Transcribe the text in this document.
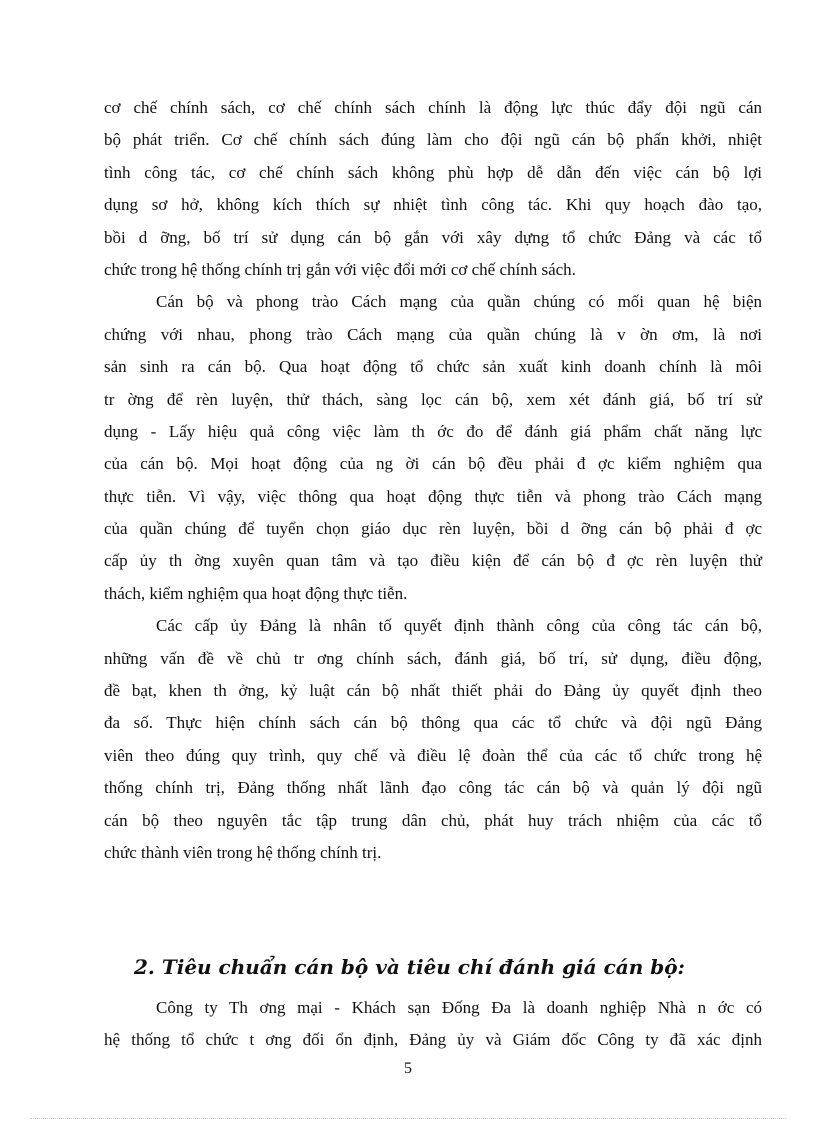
cơ chế chính sách, cơ chế chính sách chính là động lực thúc đẩy đội ngũ cán
bộ phát triển. Cơ chế chính sách đúng làm cho đội ngũ cán bộ phấn khởi, nhiệt
tình công tác, cơ chế chính sách không phù hợp dễ dẫn đến việc cán bộ lợi
dụng sơ hở, không kích thích sự nhiệt tình công tác. Khi quy hoạch đào tạo,
bồi d ỡng, bố trí sử dụng cán bộ gắn với xây dựng tổ chức Đảng và các tổ
chức trong hệ thống chính trị gắn với việc đổi mới cơ chế chính sách.
Cán bộ và phong trào Cách mạng của quần chúng có mối quan hệ biện
chứng với nhau, phong trào Cách mạng của quần chúng là v ờn ơm, là nơi
sản sinh ra cán bộ. Qua hoạt động tổ chức sản xuất kinh doanh chính là môi
tr ờng để rèn luyện, thử thách, sàng lọc cán bộ, xem xét đánh giá, bố trí sử
dụng - Lấy hiệu quả công việc làm th ớc đo để đánh giá phẩm chất năng lực
của cán bộ. Mọi hoạt động của ng ời cán bộ đều phải đ ợc kiểm nghiệm qua
thực tiễn. Vì vậy, việc thông qua hoạt động thực tiễn và phong trào Cách mạng
của quần chúng để tuyển chọn giáo dục rèn luyện, bồi d ỡng cán bộ phải đ ợc
cấp ủy th ờng xuyên quan tâm và tạo điều kiện để cán bộ đ ợc rèn luyện thử
thách, kiểm nghiệm qua hoạt động thực tiễn.
Các cấp ủy Đảng là nhân tố quyết định thành công của công tác cán bộ,
những vấn đề về chủ tr ơng chính sách, đánh giá, bố trí, sử dụng, điều động,
đề bạt, khen th ởng, kỷ luật cán bộ nhất thiết phải do Đảng ủy quyết định theo
đa số. Thực hiện chính sách cán bộ thông qua các tổ chức và đội ngũ Đảng
viên theo đúng quy trình, quy chế và điều lệ đoàn thể của các tổ chức trong hệ
thống chính trị, Đảng thống nhất lãnh đạo công tác cán bộ và quản lý đội ngũ
cán bộ theo nguyên tắc tập trung dân chủ, phát huy trách nhiệm của các tổ
chức thành viên trong hệ thống chính trị.
2. Tiêu chuẩn cán bộ và tiêu chí đánh giá cán bộ:
Công ty Th ơng mại - Khách sạn Đống Đa là doanh nghiệp Nhà n ớc có
hệ thống tổ chức t ơng đối ổn định, Đảng ủy và Giám đốc Công ty đã xác định
5
